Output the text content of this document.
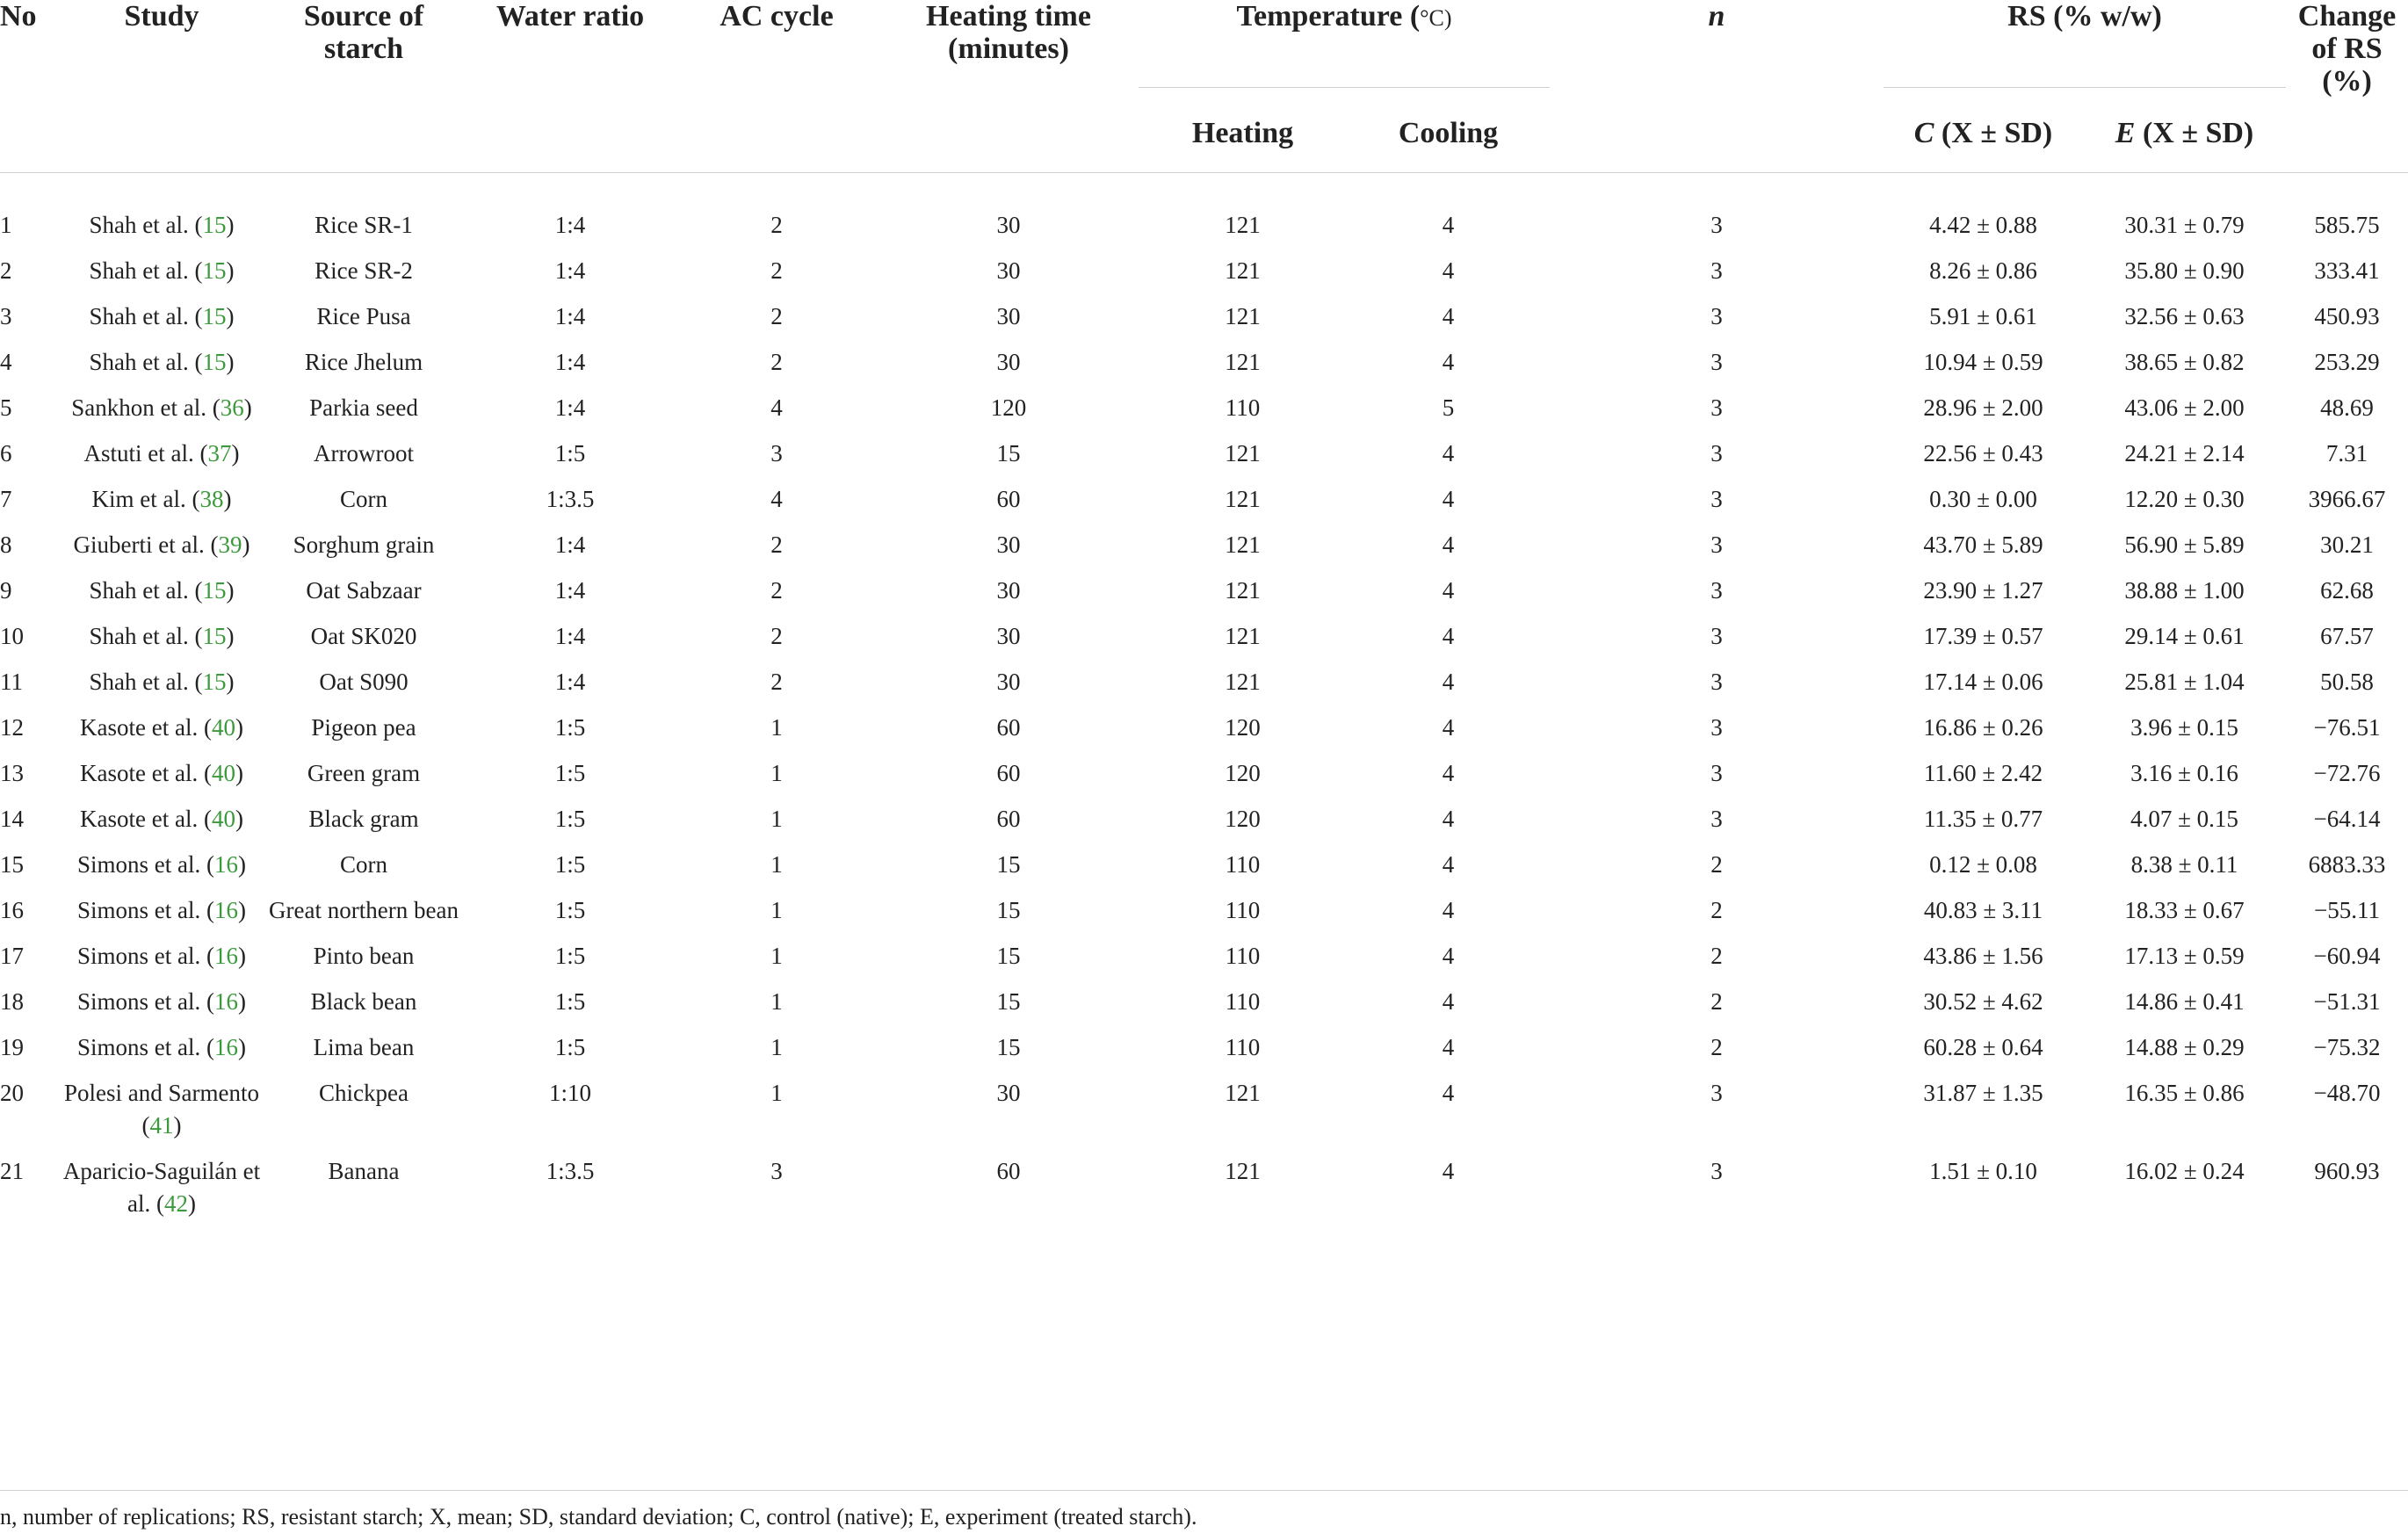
No	Study	Source of starch	Water ratio	AC cycle	Heating time (minutes)	Temperature (°C)		n	RS (% w/w)		Change of RS (%)
						Heating	Cooling		C (X ± SD)	E (X ± SD)	

1	Shah et al. (15)	Rice SR-1	1:4	2	30	121	4	3	4.42 ± 0.88	30.31 ± 0.79	585.75
2	Shah et al. (15)	Rice SR-2	1:4	2	30	121	4	3	8.26 ± 0.86	35.80 ± 0.90	333.41
3	Shah et al. (15)	Rice Pusa	1:4	2	30	121	4	3	5.91 ± 0.61	32.56 ± 0.63	450.93
4	Shah et al. (15)	Rice Jhelum	1:4	2	30	121	4	3	10.94 ± 0.59	38.65 ± 0.82	253.29
5	Sankhon et al. (36)	Parkia seed	1:4	4	120	110	5	3	28.96 ± 2.00	43.06 ± 2.00	48.69
6	Astuti et al. (37)	Arrowroot	1:5	3	15	121	4	3	22.56 ± 0.43	24.21 ± 2.14	7.31
7	Kim et al. (38)	Corn	1:3.5	4	60	121	4	3	0.30 ± 0.00	12.20 ± 0.30	3966.67
8	Giuberti et al. (39)	Sorghum grain	1:4	2	30	121	4	3	43.70 ± 5.89	56.90 ± 5.89	30.21
9	Shah et al. (15)	Oat Sabzaar	1:4	2	30	121	4	3	23.90 ± 1.27	38.88 ± 1.00	62.68
10	Shah et al. (15)	Oat SK020	1:4	2	30	121	4	3	17.39 ± 0.57	29.14 ± 0.61	67.57
11	Shah et al. (15)	Oat S090	1:4	2	30	121	4	3	17.14 ± 0.06	25.81 ± 1.04	50.58
12	Kasote et al. (40)	Pigeon pea	1:5	1	60	120	4	3	16.86 ± 0.26	3.96 ± 0.15	−76.51
13	Kasote et al. (40)	Green gram	1:5	1	60	120	4	3	11.60 ± 2.42	3.16 ± 0.16	−72.76
14	Kasote et al. (40)	Black gram	1:5	1	60	120	4	3	11.35 ± 0.77	4.07 ± 0.15	−64.14
15	Simons et al. (16)	Corn	1:5	1	15	110	4	2	0.12 ± 0.08	8.38 ± 0.11	6883.33
16	Simons et al. (16)	Great northern bean	1:5	1	15	110	4	2	40.83 ± 3.11	18.33 ± 0.67	−55.11
17	Simons et al. (16)	Pinto bean	1:5	1	15	110	4	2	43.86 ± 1.56	17.13 ± 0.59	−60.94
18	Simons et al. (16)	Black bean	1:5	1	15	110	4	2	30.52 ± 4.62	14.86 ± 0.41	−51.31
19	Simons et al. (16)	Lima bean	1:5	1	15	110	4	2	60.28 ± 0.64	14.88 ± 0.29	−75.32
20	Polesi and Sarmento (41)	Chickpea	1:10	1	30	121	4	3	31.87 ± 1.35	16.35 ± 0.86	−48.70
21	Aparicio-Saguilán et al. (42)	Banana	1:3.5	3	60	121	4	3	1.51 ± 0.10	16.02 ± 0.24	960.93
n, number of replications; RS, resistant starch; X, mean; SD, standard deviation; C, control (native); E, experiment (treated starch).
